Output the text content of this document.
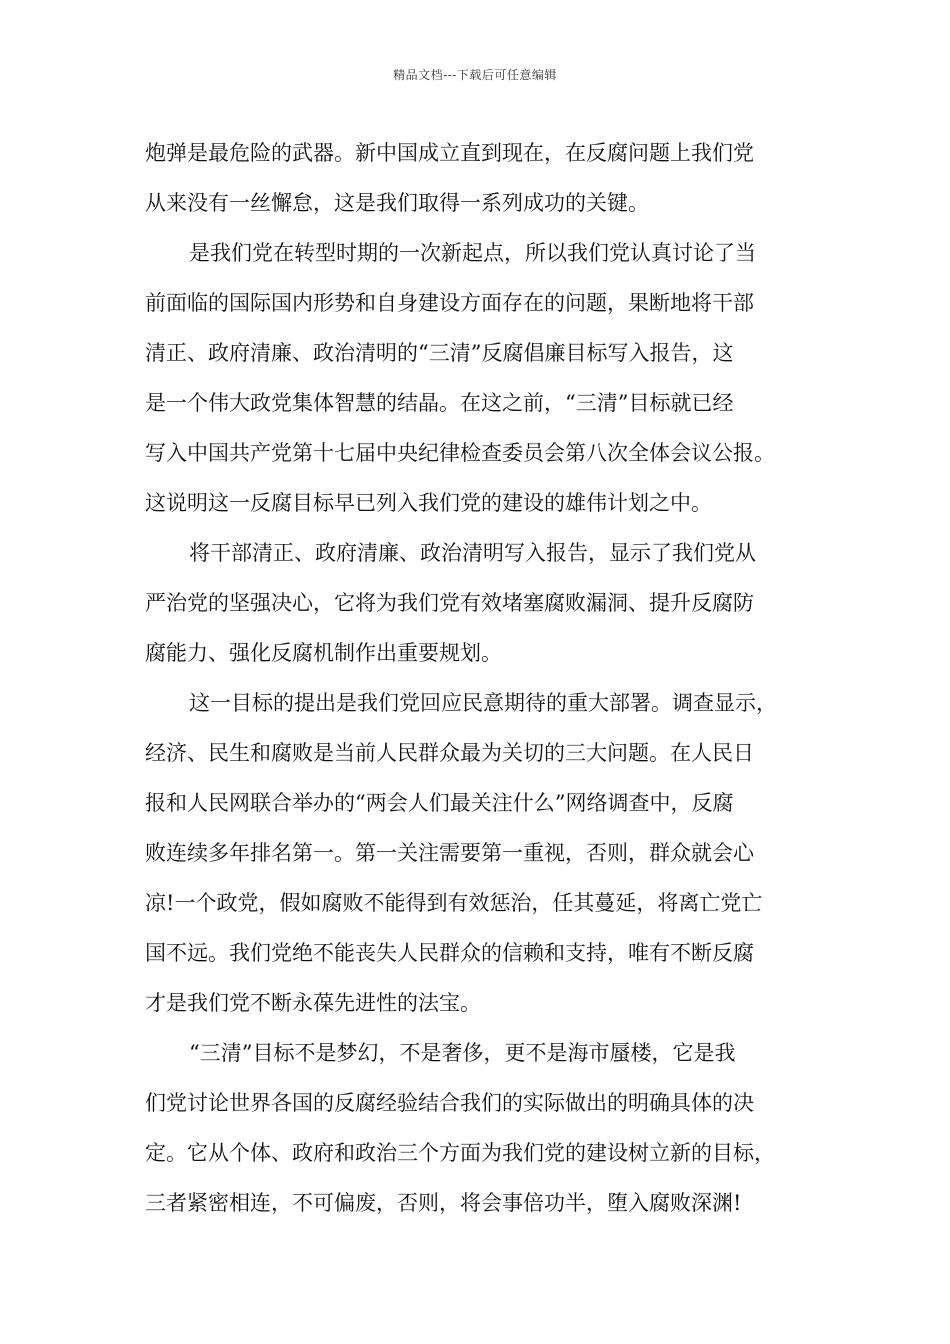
精品文档---下载后可任意编辑
炮弹是最危险的武器。新中国成立直到现在，在反腐问题上我们党
从来没有一丝懈怠，这是我们取得一系列成功的关键。
是我们党在转型时期的一次新起点，所以我们党认真讨论了当
前面临的国际国内形势和自身建设方面存在的问题，果断地将干部
清正、政府清廉、政治清明的“三清”反腐倡廉目标写入报告，这
是一个伟大政党集体智慧的结晶。在这之前，“三清”目标就已经
写入中国共产党第十七届中央纪律检查委员会第八次全体会议公报。
这说明这一反腐目标早已列入我们党的建设的雄伟计划之中。
将干部清正、政府清廉、政治清明写入报告，显示了我们党从
严治党的坚强决心，它将为我们党有效堵塞腐败漏洞、提升反腐防
腐能力、强化反腐机制作出重要规划。
这一目标的提出是我们党回应民意期待的重大部署。调查显示，
经济、民生和腐败是当前人民群众最为关切的三大问题。在人民日
报和人民网联合举办的“两会人们最关注什么”网络调查中，反腐
败连续多年排名第一。第一关注需要第一重视，否则，群众就会心
凉!一个政党，假如腐败不能得到有效惩治，任其蔓延，将离亡党亡
国不远。我们党绝不能丧失人民群众的信赖和支持，唯有不断反腐
才是我们党不断永葆先进性的法宝。
“三清”目标不是梦幻，不是奢侈，更不是海市蜃楼，它是我
们党讨论世界各国的反腐经验结合我们的实际做出的明确具体的决
定。它从个体、政府和政治三个方面为我们党的建设树立新的目标，
三者紧密相连，不可偏废，否则，将会事倍功半，堕入腐败深渊!
